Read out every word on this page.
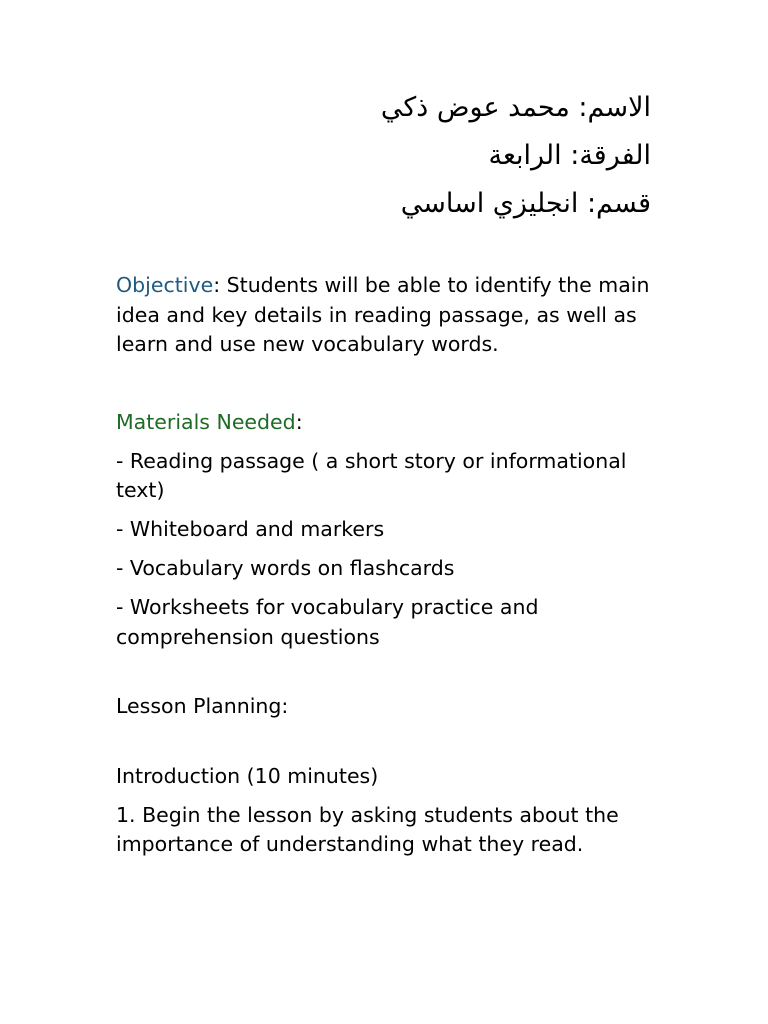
الاسم: محمد عوض ذكي
الفرقة: الرابعة
قسم: انجليزي اساسي

Objective: Students will be able to identify the main idea and key details in reading passage, as well as learn and use new vocabulary words.

Materials Needed:

- Reading passage ( a short story or informational text)

- Whiteboard and markers

- Vocabulary words on flashcards

- Worksheets for vocabulary practice and comprehension questions

Lesson Planning:

Introduction (10 minutes)

1. Begin the lesson by asking students about the importance of understanding what they read.
